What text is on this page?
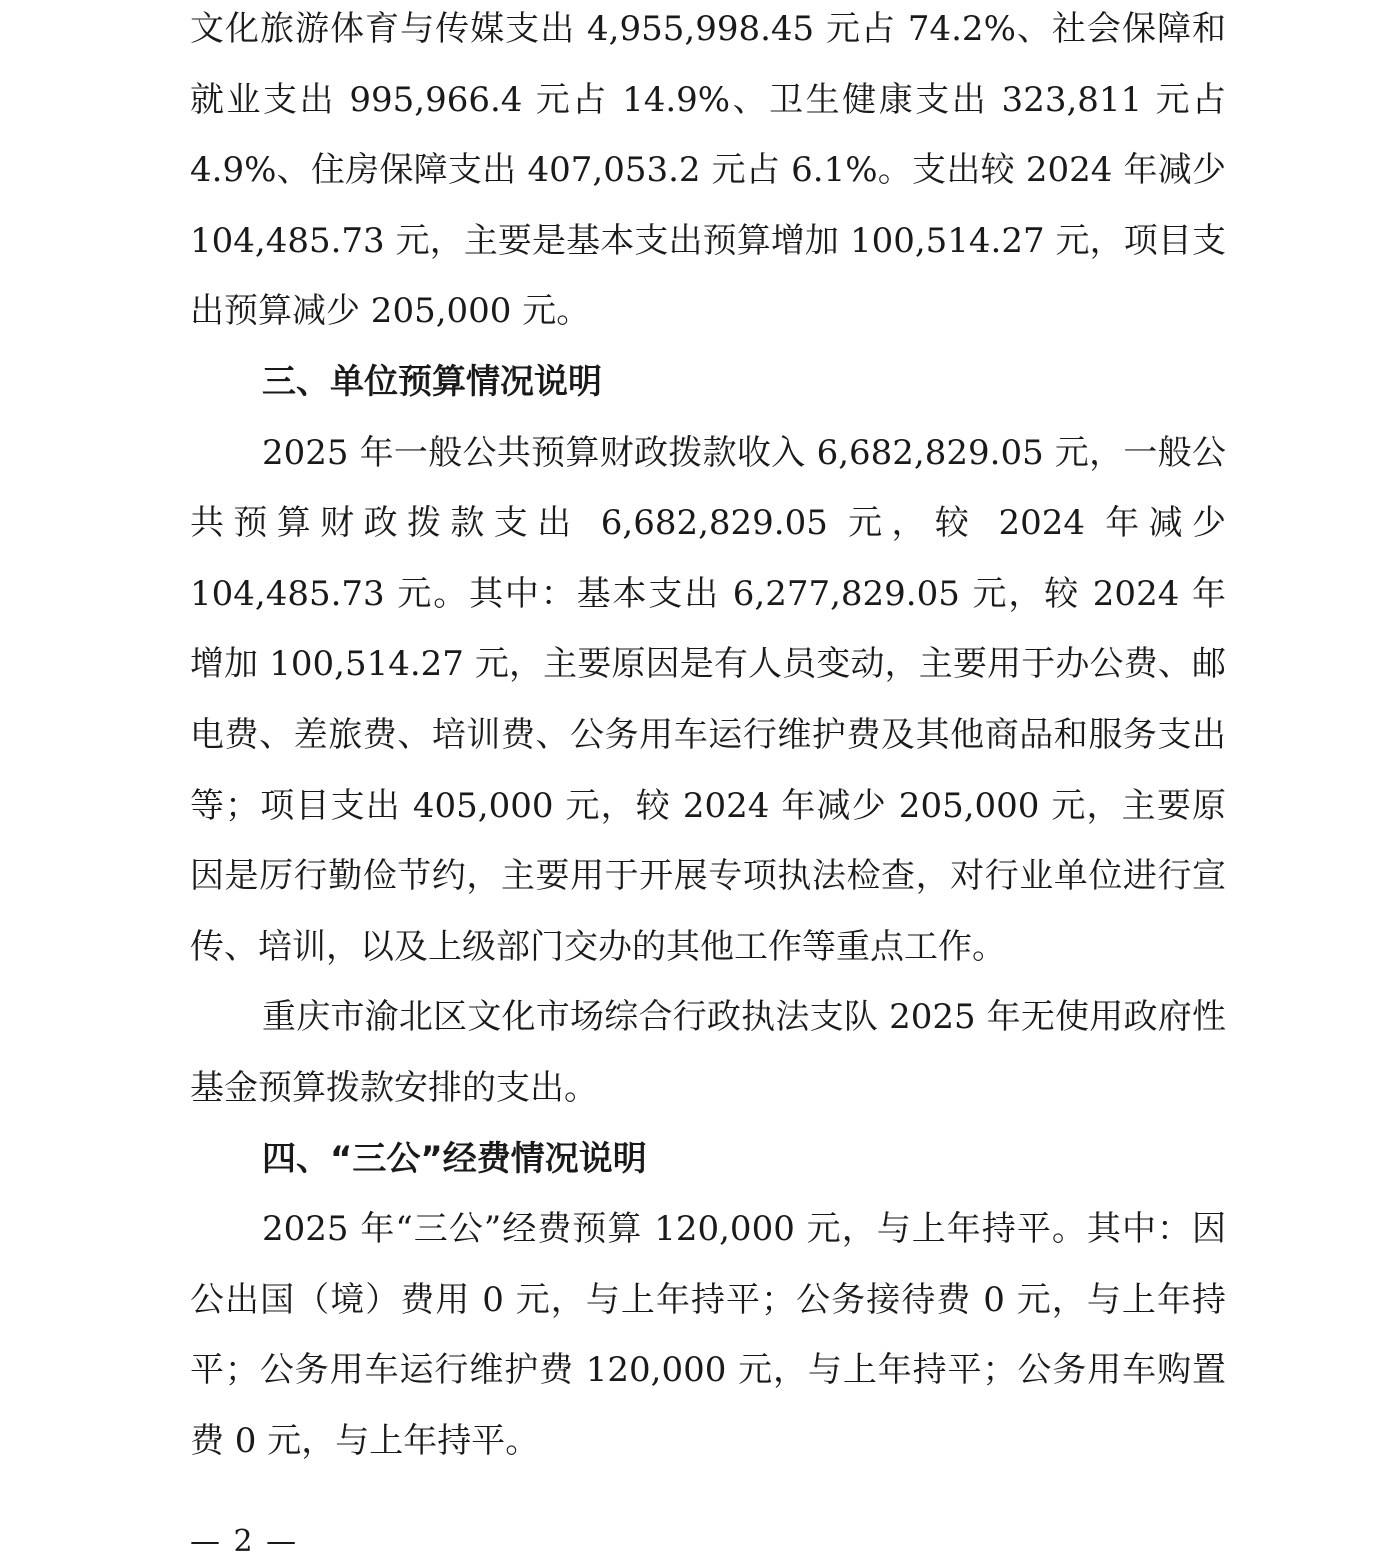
文化旅游体育与传媒支出 4,955,998.45 元占 74.2%、社会保障和就业支出 995,966.4 元占 14.9%、卫生健康支出 323,811 元占 4.9%、住房保障支出 407,053.2 元占 6.1%。支出较 2024 年减少 104,485.73 元，主要是基本支出预算增加 100,514.27 元，项目支出预算减少 205,000 元。

三、单位预算情况说明

2025 年一般公共预算财政拨款收入 6,682,829.05 元，一般公共预算财政拨款支出 6,682,829.05 元，较 2024 年减少 104,485.73 元。其中：基本支出 6,277,829.05 元，较 2024 年增加 100,514.27 元，主要原因是有人员变动，主要用于办公费、邮电费、差旅费、培训费、公务用车运行维护费及其他商品和服务支出等；项目支出 405,000 元，较 2024 年减少 205,000 元，主要原因是厉行勤俭节约，主要用于开展专项执法检查，对行业单位进行宣传、培训，以及上级部门交办的其他工作等重点工作。

重庆市渝北区文化市场综合行政执法支队 2025 年无使用政府性基金预算拨款安排的支出。

四、“三公”经费情况说明

2025 年“三公”经费预算 120,000 元，与上年持平。其中：因公出国（境）费用 0 元，与上年持平；公务接待费 0 元，与上年持平；公务用车运行维护费 120,000 元，与上年持平；公务用车购置费 0 元，与上年持平。

— 2 —
